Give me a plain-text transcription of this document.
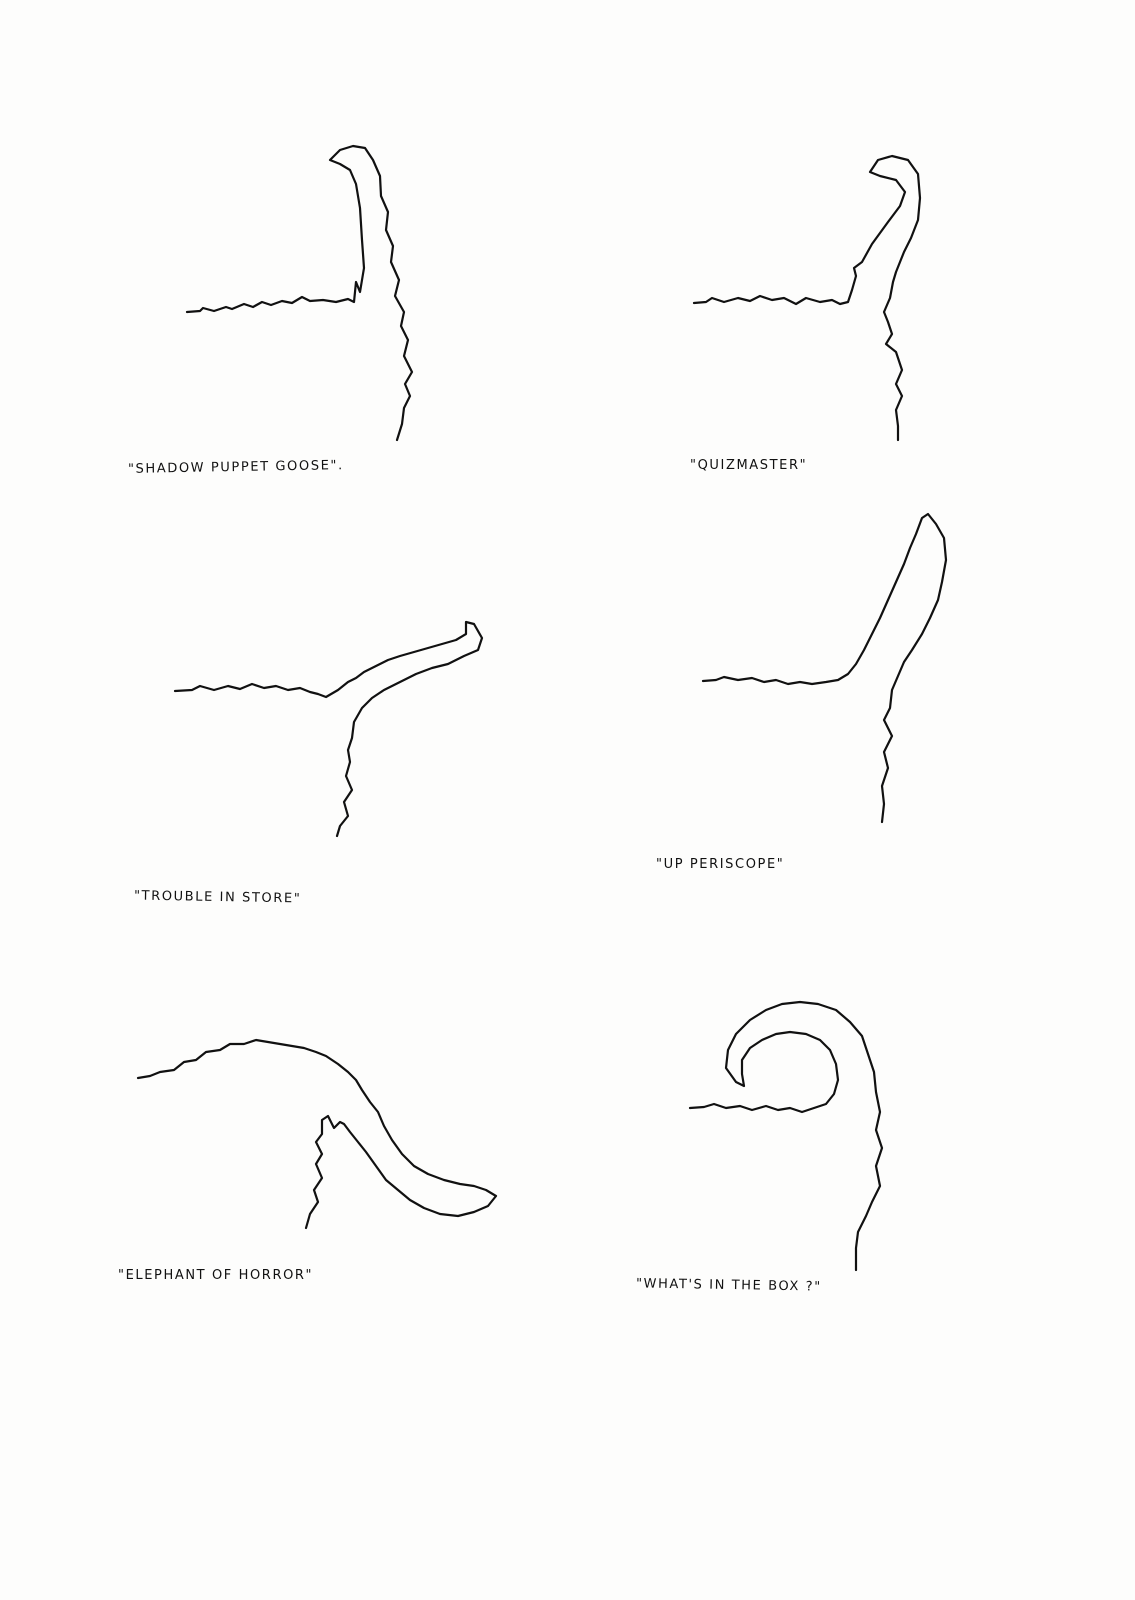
"SHADOW PUPPET GOOSE".	"QUIZMASTER"
"TROUBLE IN STORE"
"UP PERISCOPE"
"ELEPHANT OF HORROR"
"WHAT'S IN THE BOX ?"
